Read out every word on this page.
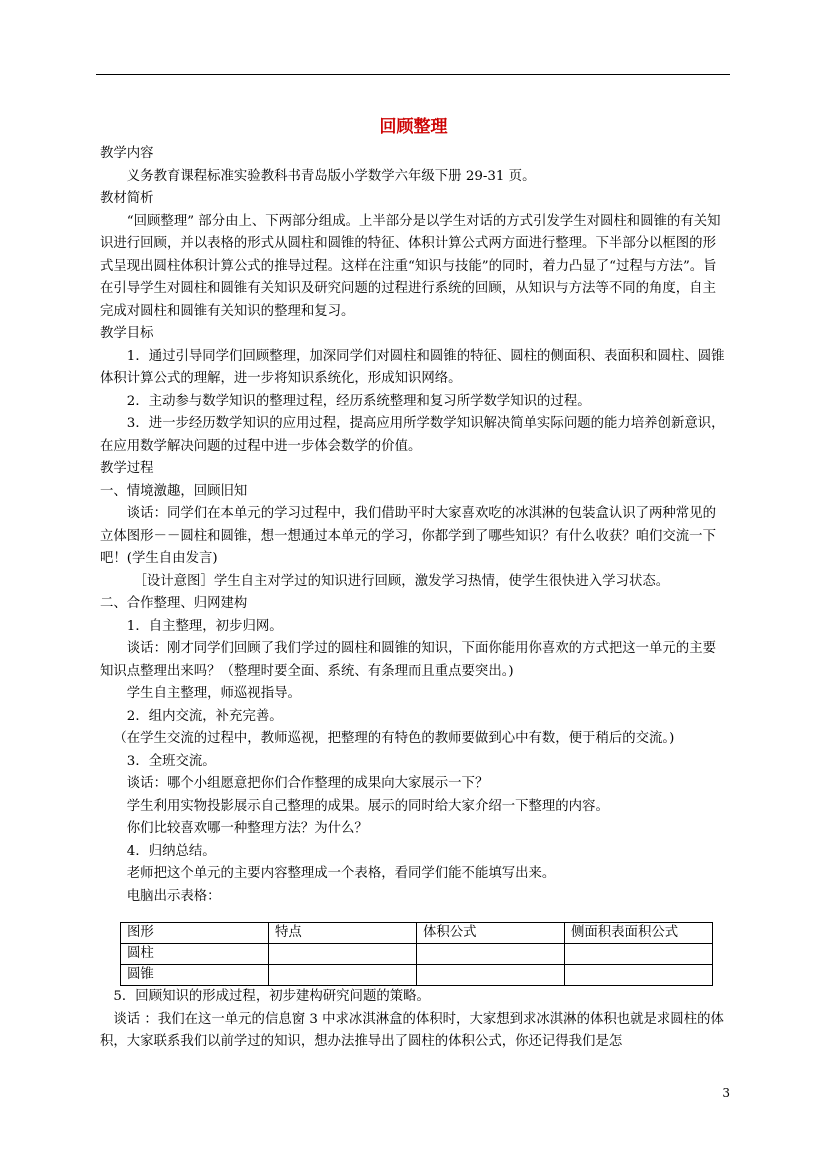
回顾整理

教学内容

义务教育课程标准实验教科书青岛版小学数学六年级下册 29-31 页。

教材简析

“回顾整理” 部分由上、下两部分组成。上半部分是以学生对话的方式引发学生对圆柱和圆锥的有关知识进行回顾，并以表格的形式从圆柱和圆锥的特征、体积计算公式两方面进行整理。下半部分以框图的形式呈现出圆柱体积计算公式的推导过程。这样在注重“知识与技能”的同时，着力凸显了“过程与方法”。旨在引导学生对圆柱和圆锥有关知识及研究问题的过程进行系统的回顾，从知识与方法等不同的角度，自主完成对圆柱和圆锥有关知识的整理和复习。

教学目标

1．通过引导同学们回顾整理，加深同学们对圆柱和圆锥的特征、圆柱的侧面积、表面积和圆柱、圆锥体积计算公式的理解，进一步将知识系统化，形成知识网络。

2．主动参与数学知识的整理过程，经历系统整理和复习所学数学知识的过程。

3．进一步经历数学知识的应用过程，提高应用所学数学知识解决简单实际问题的能力培养创新意识，在应用数学解决问题的过程中进一步体会数学的价值。

教学过程

一、情境激趣，回顾旧知

谈话：同学们在本单元的学习过程中，我们借助平时大家喜欢吃的冰淇淋的包装盒认识了两种常见的立体图形－－圆柱和圆锥，想一想通过本单元的学习，你都学到了哪些知识？有什么收获？咱们交流一下吧！(学生自由发言)

［设计意图］学生自主对学过的知识进行回顾，激发学习热情，使学生很快进入学习状态。

二、合作整理、归网建构

1．自主整理，初步归网。

谈话：刚才同学们回顾了我们学过的圆柱和圆锥的知识，下面你能用你喜欢的方式把这一单元的主要知识点整理出来吗？（整理时要全面、系统、有条理而且重点要突出。)

学生自主整理，师巡视指导。

2．组内交流，补充完善。

（在学生交流的过程中，教师巡视，把整理的有特色的教师要做到心中有数，便于稍后的交流。)

3．全班交流。

谈话：哪个小组愿意把你们合作整理的成果向大家展示一下？

学生利用实物投影展示自己整理的成果。展示的同时给大家介绍一下整理的内容。

你们比较喜欢哪一种整理方法？为什么？

4．归纳总结。

老师把这个单元的主要内容整理成一个表格，看同学们能不能填写出来。

电脑出示表格：

图形	特点	体积公式	侧面积表面积公式
圆柱			
圆锥			

5．回顾知识的形成过程，初步建构研究问题的策略。

谈话 ：我们在这一单元的信息窗 3 中求冰淇淋盒的体积时，大家想到求冰淇淋的体积也就是求圆柱的体积，大家联系我们以前学过的知识，想办法推导出了圆柱的体积公式，你还记得我们是怎

3
